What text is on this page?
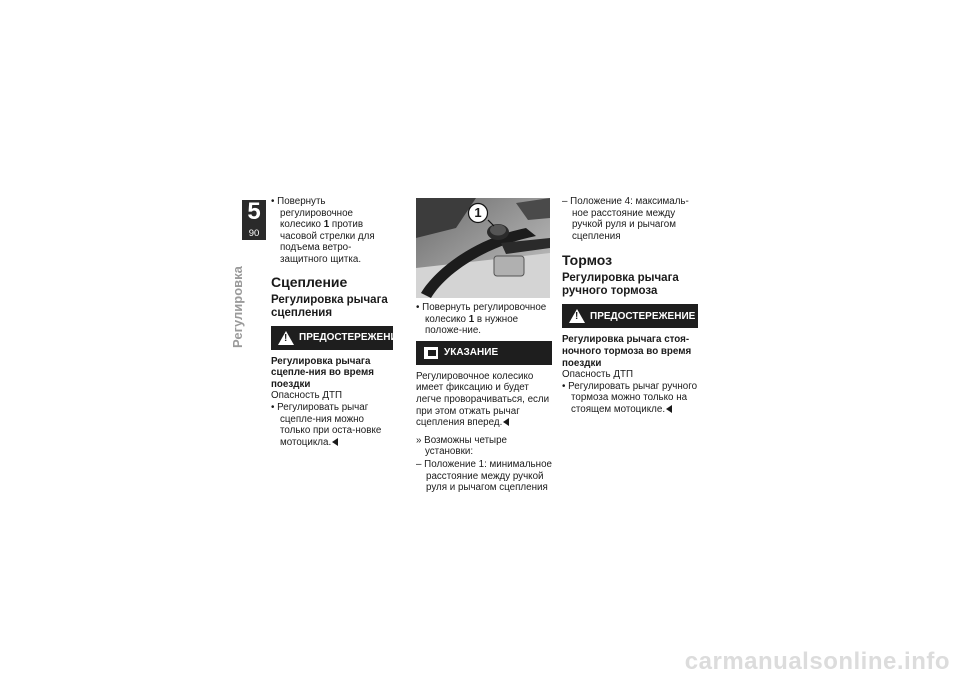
5
90
Регулировка

• Повернуть регулировочное колесико 1 против часовой стрелки для подъема ветро-защитного щитка.

Сцепление
Регулировка рычага сцепления
!
ПРЕДОСТЕРЕЖЕНИЕ
Регулировка рычага сцепле-ния во время поездки
Опасность ДТП

• Регулировать рычаг сцепле-ния можно только при оста-новке мотоцикла.

1

• Повернуть регулировочное колесико 1 в нужное положе-ние.

УКАЗАНИЕ
Регулировочное колесико имеет фиксацию и будет легче проворачиваться, если при этом отжать рычаг сцепления вперед.

» Возможны четыре установки:

– Положение 1: минимальное расстояние между ручкой руля и рычагом сцепления

– Положение 4: максималь-ное расстояние между ручкой руля и рычагом сцепления

Тормоз
Регулировка рычага ручного тормоза
!
ПРЕДОСТЕРЕЖЕНИЕ
Регулировка рычага стоя-ночного тормоза во время поездки
Опасность ДТП

• Регулировать рычаг ручного тормоза можно только на стоящем мотоцикле.

carmanualsonline.info
